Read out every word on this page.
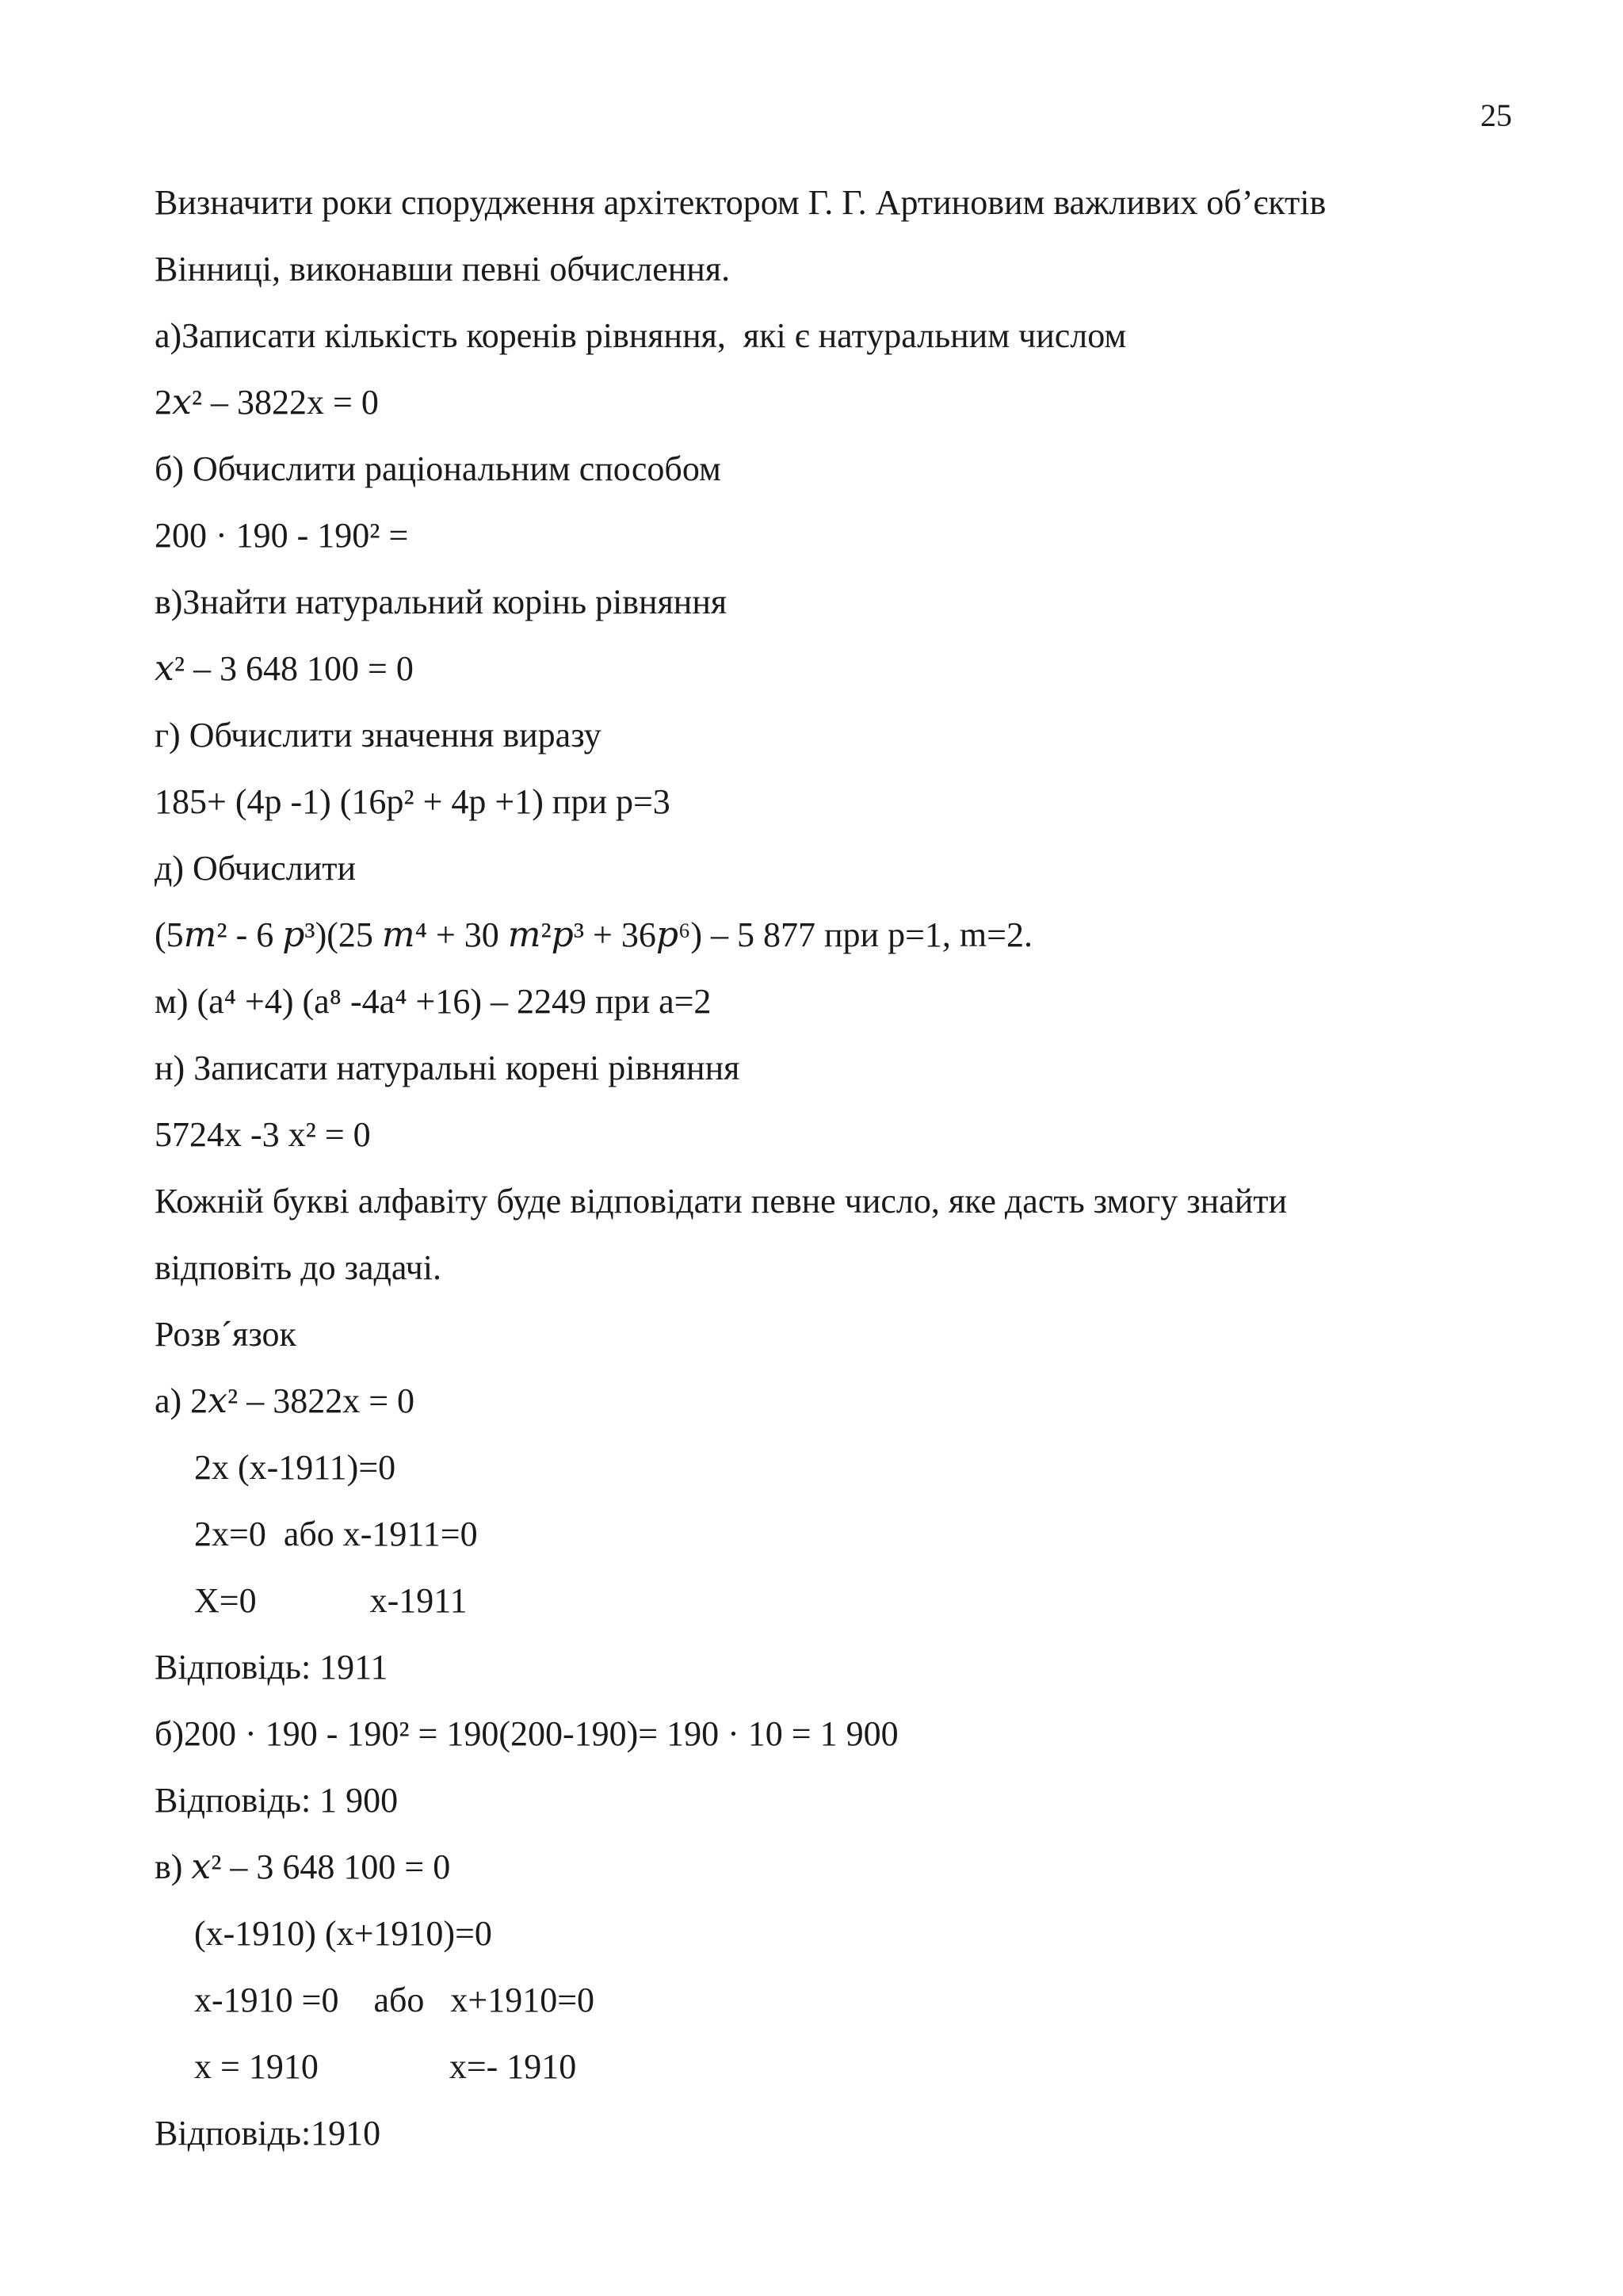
25
Визначити роки спорудження архітектором Г. Г. Артиновим важливих об’єктів
Вінниці, виконавши певні обчислення.
а)Записати кількість коренів рівняння,  які є натуральним числом
2𝑥² – 3822x = 0
б) Обчислити раціональним способом
200 · 190 - 190² =
в)Знайти натуральний корінь рівняння
𝑥² – 3 648 100 = 0
г) Обчислити значення виразу
185+ (4p -1) (16p² + 4p +1) при p=3
д) Обчислити
(5𝑚² - 6 𝑝³)(25 𝑚⁴ + 30 𝑚²𝑝³ + 36𝑝⁶) – 5 877 при p=1, m=2.
м) (a⁴ +4) (a⁸ -4a⁴ +16) – 2249 при a=2
н) Записати натуральні корені рівняння
5724x -3 x² = 0
Кожній букві алфавіту буде відповідати певне число, яке дасть змогу знайти
відповіть до задачі.
Розв´язок
а) 2𝑥² – 3822x = 0
2x (x-1911)=0
2x=0  або x-1911=0
X=0             x-1911
Відповідь: 1911
б)200 · 190 - 190² = 190(200-190)= 190 · 10 = 1 900
Відповідь: 1 900
в) 𝑥² – 3 648 100 = 0
(x-1910) (x+1910)=0
x-1910 =0    або   x+1910=0
x = 1910               x=- 1910
Відповідь:1910
